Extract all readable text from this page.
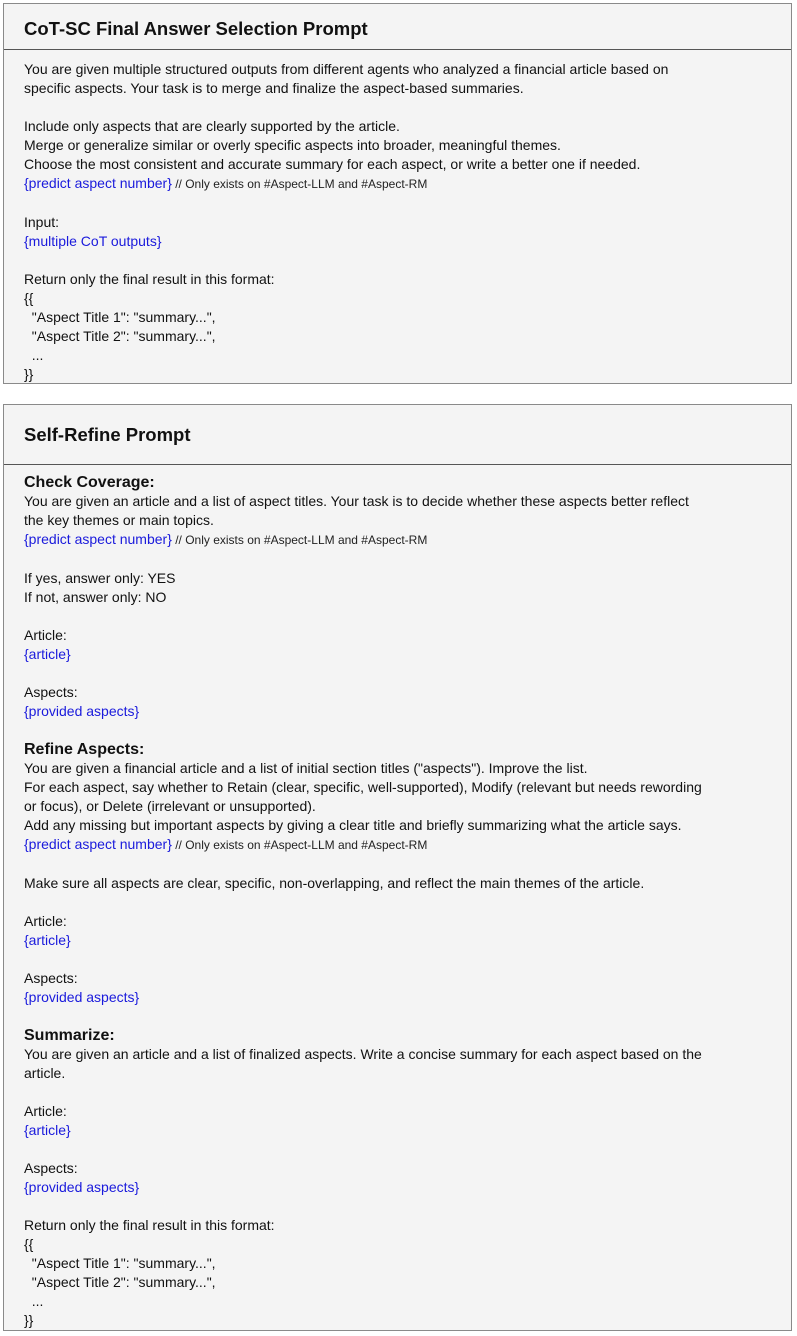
CoT-SC Final Answer Selection Prompt
You are given multiple structured outputs from different agents who analyzed a financial article based on
specific aspects. Your task is to merge and finalize the aspect-based summaries.
Include only aspects that are clearly supported by the article.
Merge or generalize similar or overly specific aspects into broader, meaningful themes.
Choose the most consistent and accurate summary for each aspect, or write a better one if needed.
{predict aspect number} // Only exists on #Aspect-LLM and #Aspect-RM
Input:
{multiple CoT outputs}
Return only the final result in this format:
{{
"Aspect Title 1": "summary...",
"Aspect Title 2": "summary...",
...
}}
Self-Refine Prompt
Check Coverage:
You are given an article and a list of aspect titles. Your task is to decide whether these aspects better reflect
the key themes or main topics.
{predict aspect number} // Only exists on #Aspect-LLM and #Aspect-RM
If yes, answer only: YES
If not, answer only: NO
Article:
{article}
Aspects:
{provided aspects}
Refine Aspects:
You are given a financial article and a list of initial section titles ("aspects"). Improve the list.
For each aspect, say whether to Retain (clear, specific, well-supported), Modify (relevant but needs rewording
or focus), or Delete (irrelevant or unsupported).
Add any missing but important aspects by giving a clear title and briefly summarizing what the article says.
{predict aspect number} // Only exists on #Aspect-LLM and #Aspect-RM
Make sure all aspects are clear, specific, non-overlapping, and reflect the main themes of the article.
Article:
{article}
Aspects:
{provided aspects}
Summarize:
You are given an article and a list of finalized aspects. Write a concise summary for each aspect based on the
article.
Article:
{article}
Aspects:
{provided aspects}
Return only the final result in this format:
{{
"Aspect Title 1": "summary...",
"Aspect Title 2": "summary...",
...
}}
